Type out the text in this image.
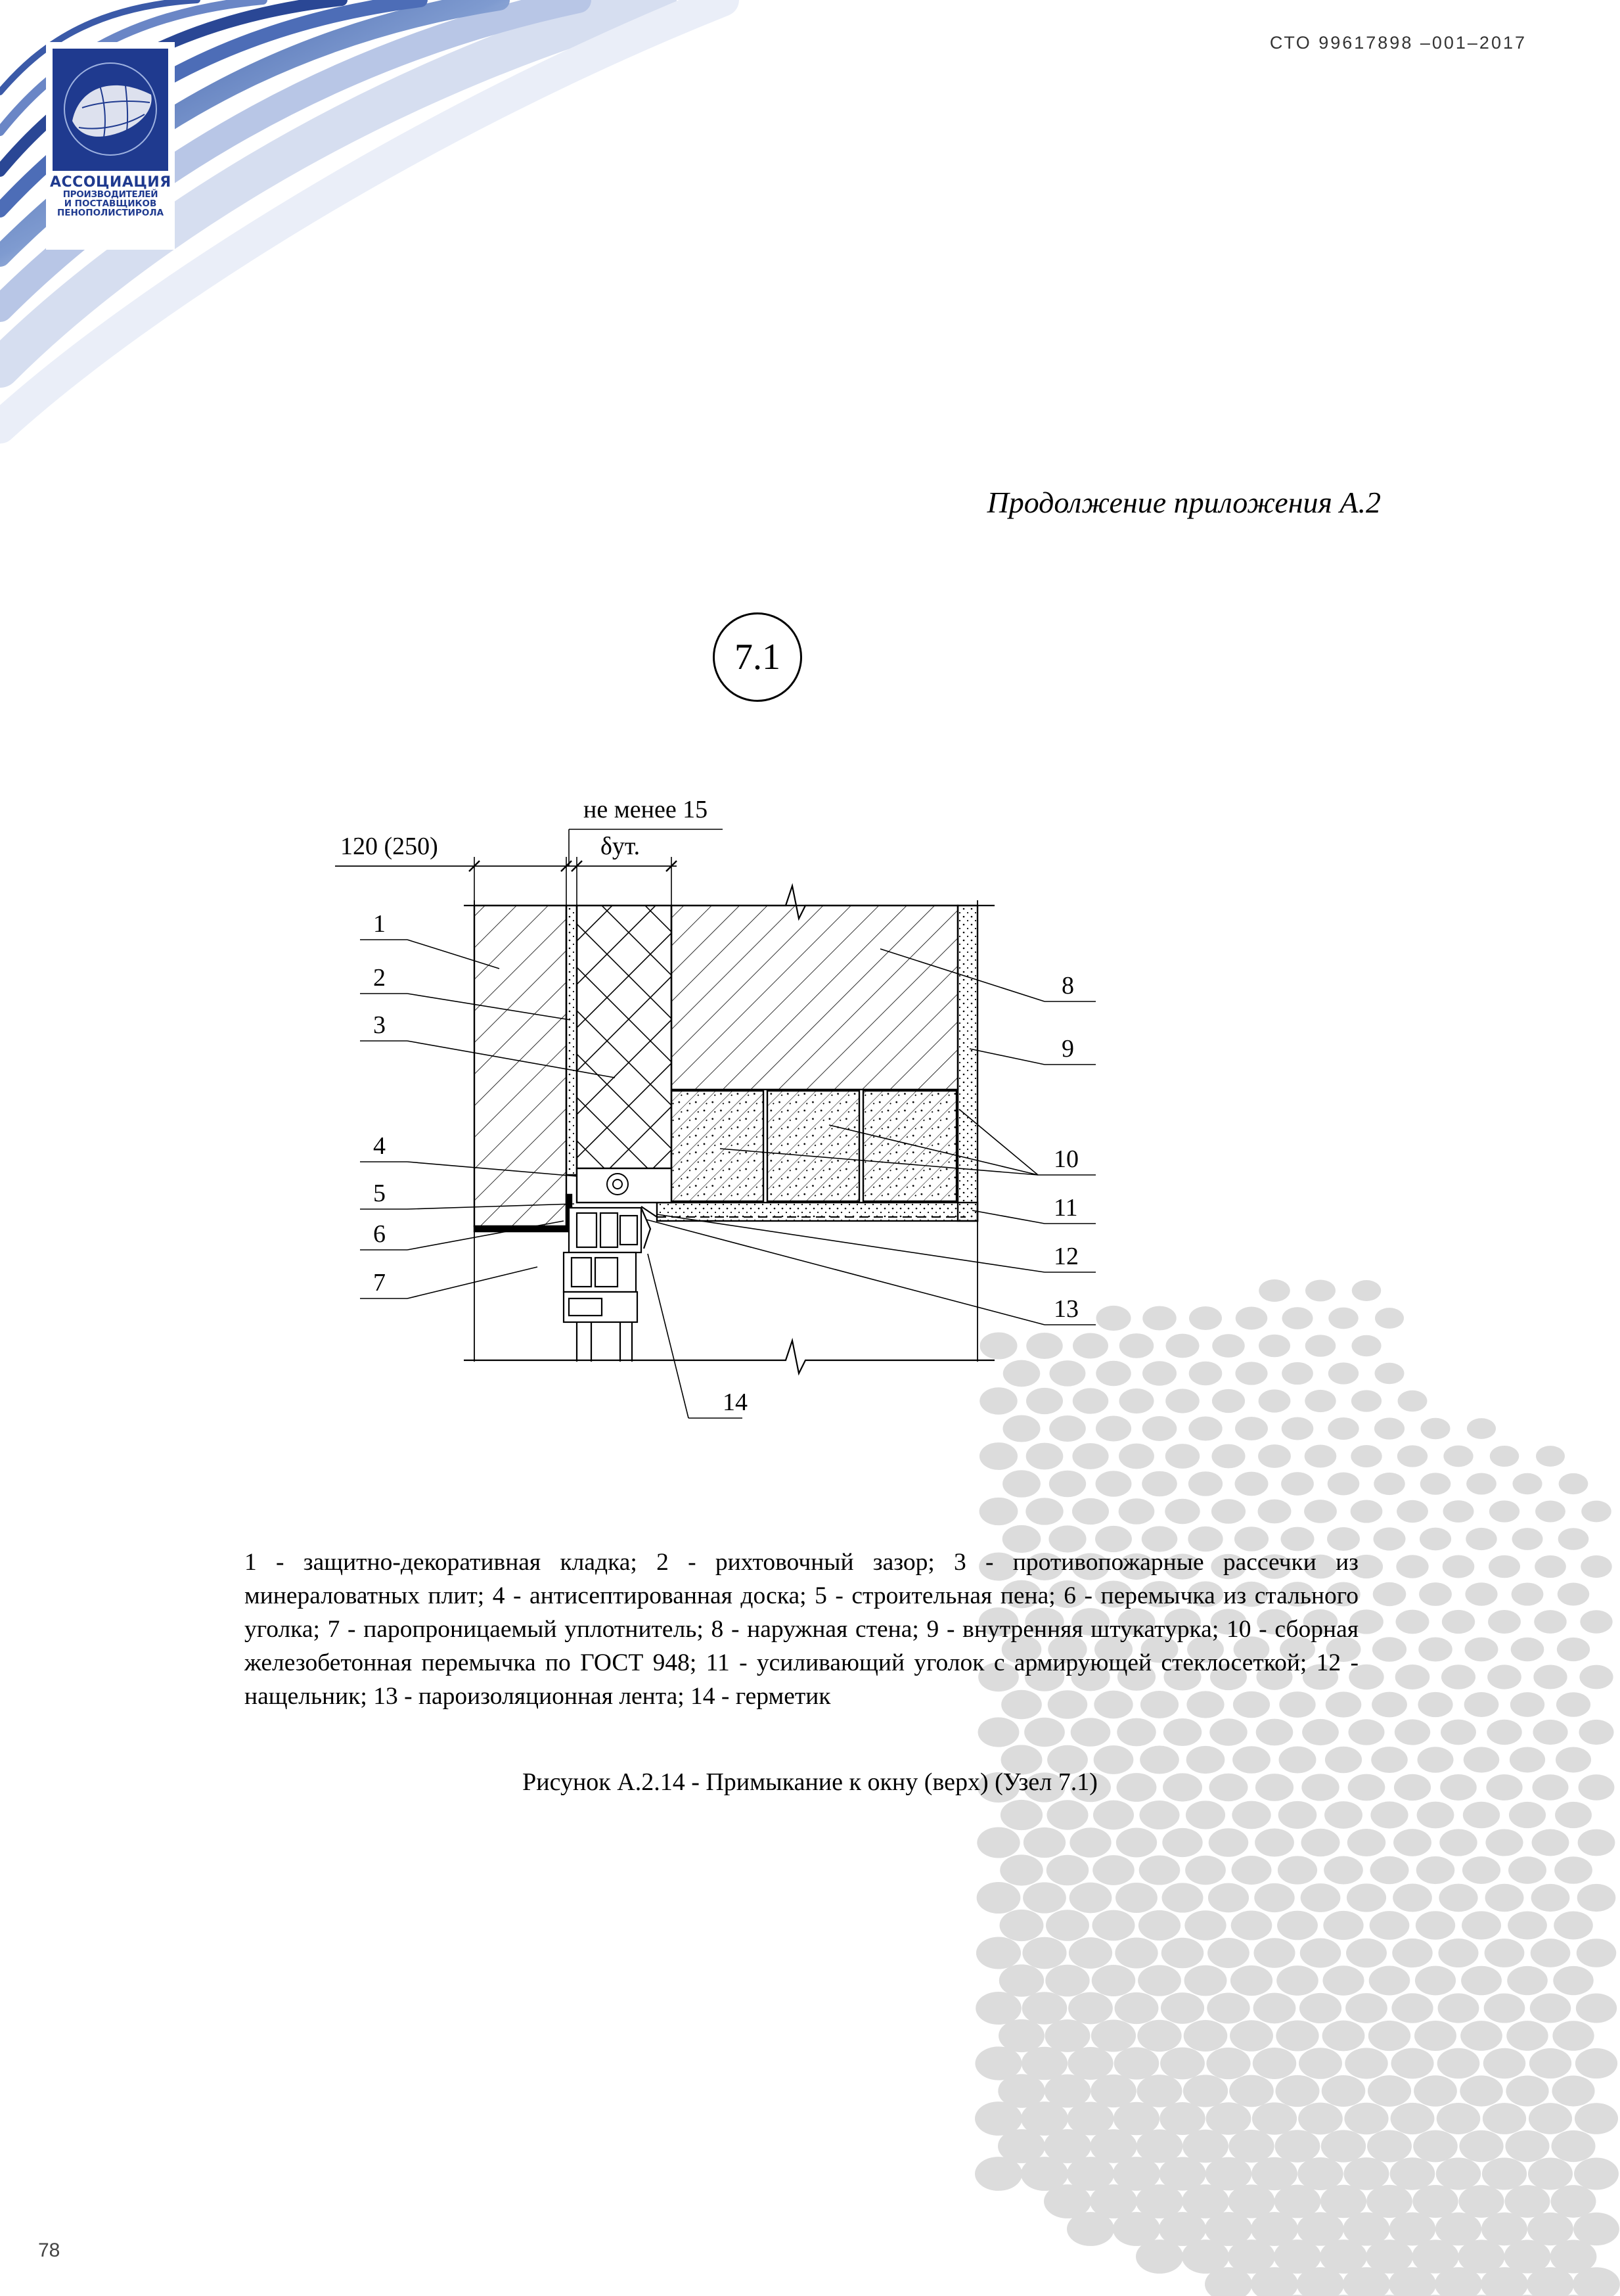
АССОЦИАЦИЯ
ПРОИЗВОДИТЕЛЕЙ
И ПОСТАВЩИКОВ
ПЕНОПОЛИСТИРОЛА
СТО 99617898 –001–2017
Продолжение приложения А.2
7.1
120 (250)
не менее 15
δут.
1
2
3
4
5
6
7
8
9
10
11
12
13
14
1 - защитно-декоративная кладка; 2 - рихтовочный зазор; 3 - противопожарные рассечки из минераловатных плит; 4 - антисептированная доска; 5 - строительная пена; 6 - перемычка из стального уголка; 7 - паропроницаемый уплотнитель; 8 - наружная стена; 9 - внутренняя штукатурка; 10 - сборная железобетонная перемычка по ГОСТ 948; 11 - усиливающий уголок с армирующей стеклосеткой; 12 - нащельник; 13 - пароизоляционная лента; 14 - герметик
Рисунок А.2.14 - Примыкание к окну (верх) (Узел 7.1)
78
